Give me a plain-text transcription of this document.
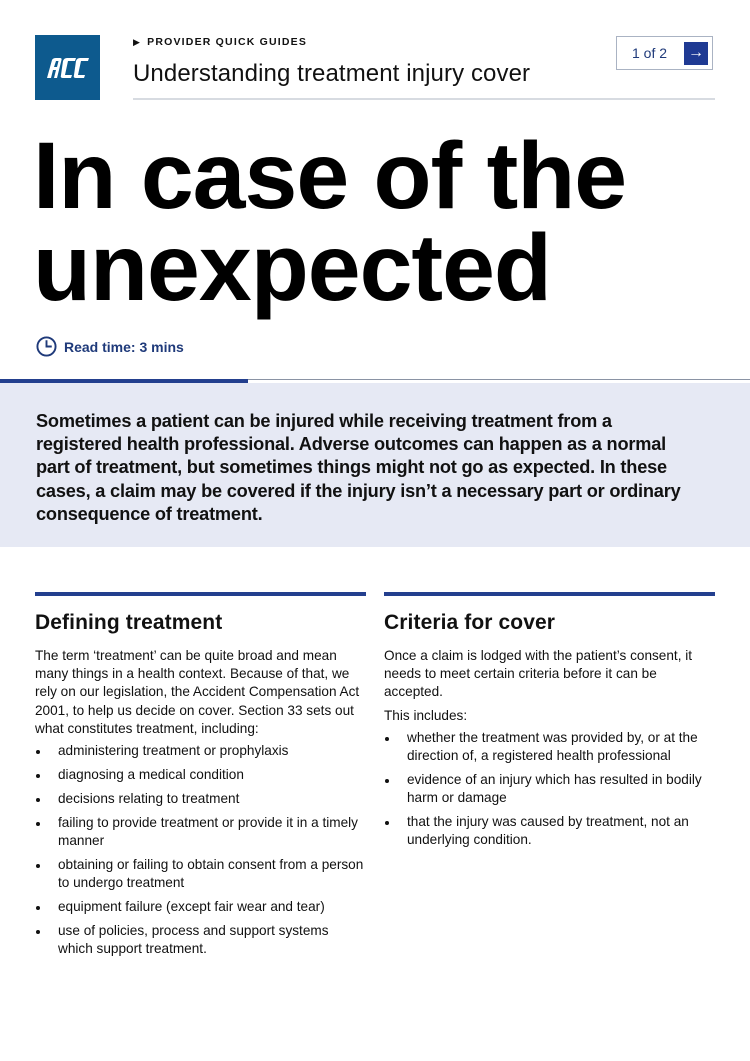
▶ PROVIDER QUICK GUIDES
Understanding treatment injury cover
1 of 2	→
In case of the
unexpected
Read time: 3 mins

Sometimes a patient can be injured while receiving treatment from a registered health professional. Adverse outcomes can happen as a normal part of treatment, but sometimes things might not go as expected. In these cases, a claim may be covered if the injury isn’t a necessary part or ordinary consequence of treatment.

Defining treatment

The term ‘treatment’ can be quite broad and mean many things in a health context. Because of that, we rely on our legislation, the Accident Compensation Act 2001, to help us decide on cover. Section 33 sets out what constitutes treatment, including:

administering treatment or prophylaxis
diagnosing a medical condition
decisions relating to treatment
failing to provide treatment or provide it in a timely manner
obtaining or failing to obtain consent from a person to undergo treatment
equipment failure (except fair wear and tear)
use of policies, process and support systems which support treatment.
Criteria for cover

Once a claim is lodged with the patient’s consent, it needs to meet certain criteria before it can be accepted.

This includes:

whether the treatment was provided by, or at the direction of, a registered health professional
evidence of an injury which has resulted in bodily harm or damage
that the injury was caused by treatment, not an underlying condition.
